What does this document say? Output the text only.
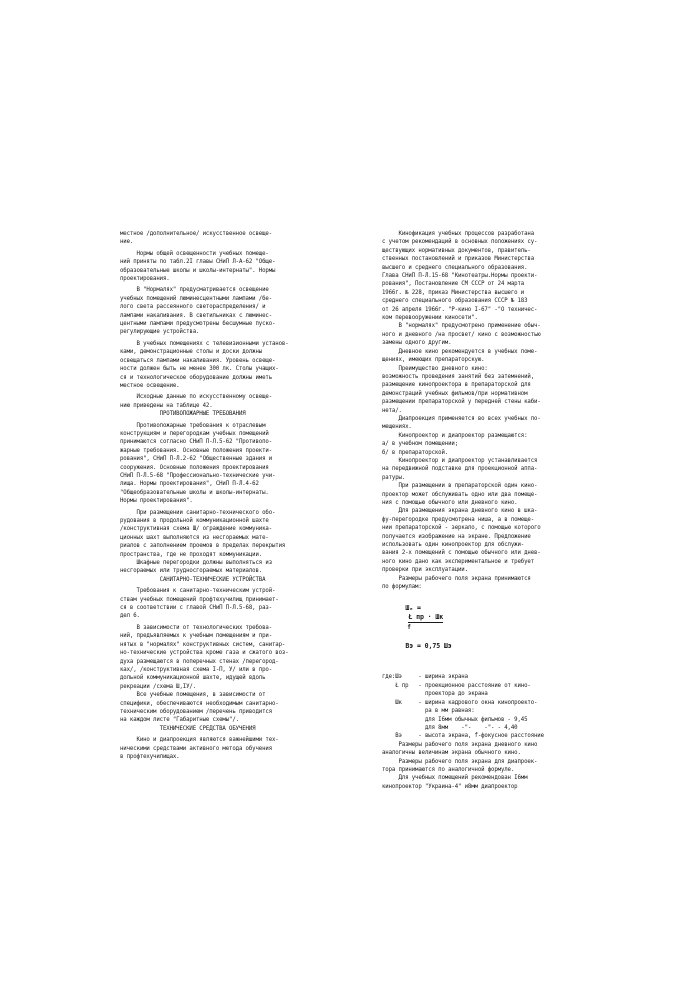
местное /дополнительное/ искусственное освеще-
ние.
Нормы общей освещенности учебных помеще-
ний приняты по табл.2I главы СНиП Л-А-62 "Обще-
образовательные школы и школы-интернаты". Нормы
проектирования.
В "Нормалях" предусматривается освещение
учебных помещений люминесцентными лампами /бе-
лого света рассеянного светораспределения/ и
лампами накаливания. В светильниках с люминес-
центными лампами предусмотрены бесшумные пуско-
регулирующие устройства.
В учебных помещениях с телевизионными установ-
ками, демонстрационные столы и доски должны
освещаться лампами накаливания. Уровень освеще-
ности должен быть не менее 300 лк. Столы учащих-
ся и технологическое оборудование должны иметь
местное освещение.
Исходные данные по искусственному освеще-
нию приведены на таблице 42.
ПРОТИВОПОЖАРНЫЕ ТРЕБОВАНИЯ
Противопожарные требования к отраслевым
конструкциям и перегородкам учебных помещений
принимаются согласно СНиП П-Л.5-62 "Противопо-
жарные требования. Основные положения проекти-
рования", СНиП П-Л.2-62 "Общественные здания и
сооружения. Основные положения проектирования
СНиП П-Л.5-68 "Профессионально-технические учи-
лища. Нормы проектирования", СНиП П-Л.4-62
"Общеобразовательные школы и школы-интернаты.
Нормы проектирования".
При размещении санитарно-технического обо-
рудования в продольной коммуникационной шахте
/конструктивная схема Ш/ ограждение коммуника-
ционных шахт выполняются из несгораемых мате-
риалов с заполнением проемов в пределах перекрытия
пространства, где не проходят коммуникации.
Шкафные перегородки должны выполняться из
несгораемых или трудносгораемых материалов.
САНИТАРНО-ТЕХНИЧЕСКИЕ УСТРОЙСТВА
Требования к санитарно-техническим устрой-
ствам учебных помещений профтехучилищ принимает-
ся в соответствии с главой СНиП П-Л.5-68, раз-
дел 6.
В зависимости от технологических требова-
ний, предъявляемых к учебным помещениям и при-
нятых в "нормалях" конструктивных систем, санитар-
но-технические устройства кроме газа и сжатого воз-
духа размещаются в поперечных стенах /перегород-
ках/, /конструктивная схема I-П, У/ или в про-
дольной коммуникационной шахте, идущей вдоль
рекреации /схема Ш,IУ/.
Все учебные помещения, в зависимости от
специфики, обеспечиваются необходимым санитарно-
техническим оборудованием /перечень приводится
на каждом листе "Габаритные схемы"/.
ТЕХНИЧЕСКИЕ СРЕДСТВА ОБУЧЕНИЯ
Кино и диапроекция являются важнейшими тех-
ническими средствами активного метода обучения
в профтехучилищах.
Кинофикация учебных процессов разработана
с учетом рекомендаций в основных положениях су-
ществующих нормативных документов, правитель-
ственных постановлений и приказов Министерства
высшего и среднего специального образования.
Глава СНиП П-Л.15-68 "Кинотеатры.Нормы проекти-
рования", Постановление СМ СССР от 24 марта
1966г. № 228, приказ Министерства высшего и
среднего специального образования СССР № 183
от 26 апреля 1966г. "Р-кино I-67" -"О техничес-
ком перевооружении киносети".
В "нормалях" предусмотрено применение обыч-
ного и дневного /на просвет/ кино с возможностью
замены одного другим.
Дневное кино рекомендуется в учебных поме-
щениях, имеющих препараторскую.
Преимущество дневного кино:
возможность проведения занятий без затемнений,
размещение кинопроектора в препараторской для
демонстраций учебных фильмов/при нормативном
размещении препараторской у передней стены каби-
нета/.
Диапроекция применяется во всех учебных по-
мещениях.
Кинопроектор и диапроектор размещаются:
а/ в учебном помещении;
б/ в препараторской.
Кинопроектор и диапроектор устанавливается
на передвижной подставке для проекционной аппа-
ратуры.
При размещении в препараторской один кино-
проектор может обслуживать одно или два помеще-
ния с помощью обычного или дневного кино.
Для размещения экрана дневного кино в шка-
фу-перегородке предусмотрена ниша, а в помеще-
нии препараторской - зеркало, с помощью которого
получается изображение на экране. Предложение
использовать один кинопроектор для обслужи-
вания 2-х помещений с помощью обычного или днев-
ного кино дано как экспериментальное и требует
проверки при эксплуатации.
Размеры рабочего поля экрана принимаются
по формулам:

Шₑ =
Ł пр · Шк
f

Вэ = 0,75 Шэ

где:Шэ     - ширина экрана
Ł пр   - проекционное расстояние от кино-
проектора до экрана
Шк     - ширина кадрового окна кинопроекто-
ра в мм равная:
для I6мм обычных фильмов - 9,45
для 8мм    -"-    -"- - 4,40
Вэ     - высота экрана, f-фокусное расстояние
Размеры рабочего поля экрана дневного кино
аналогичны величинам экрана обычного кино.
Размеры рабочего поля экрана для диапроек-
тора принимаются по аналогичной формуле.
Для учебных помещений рекомендован I6мм
кинопроектор "Украина-4" и8мм диапроектор
